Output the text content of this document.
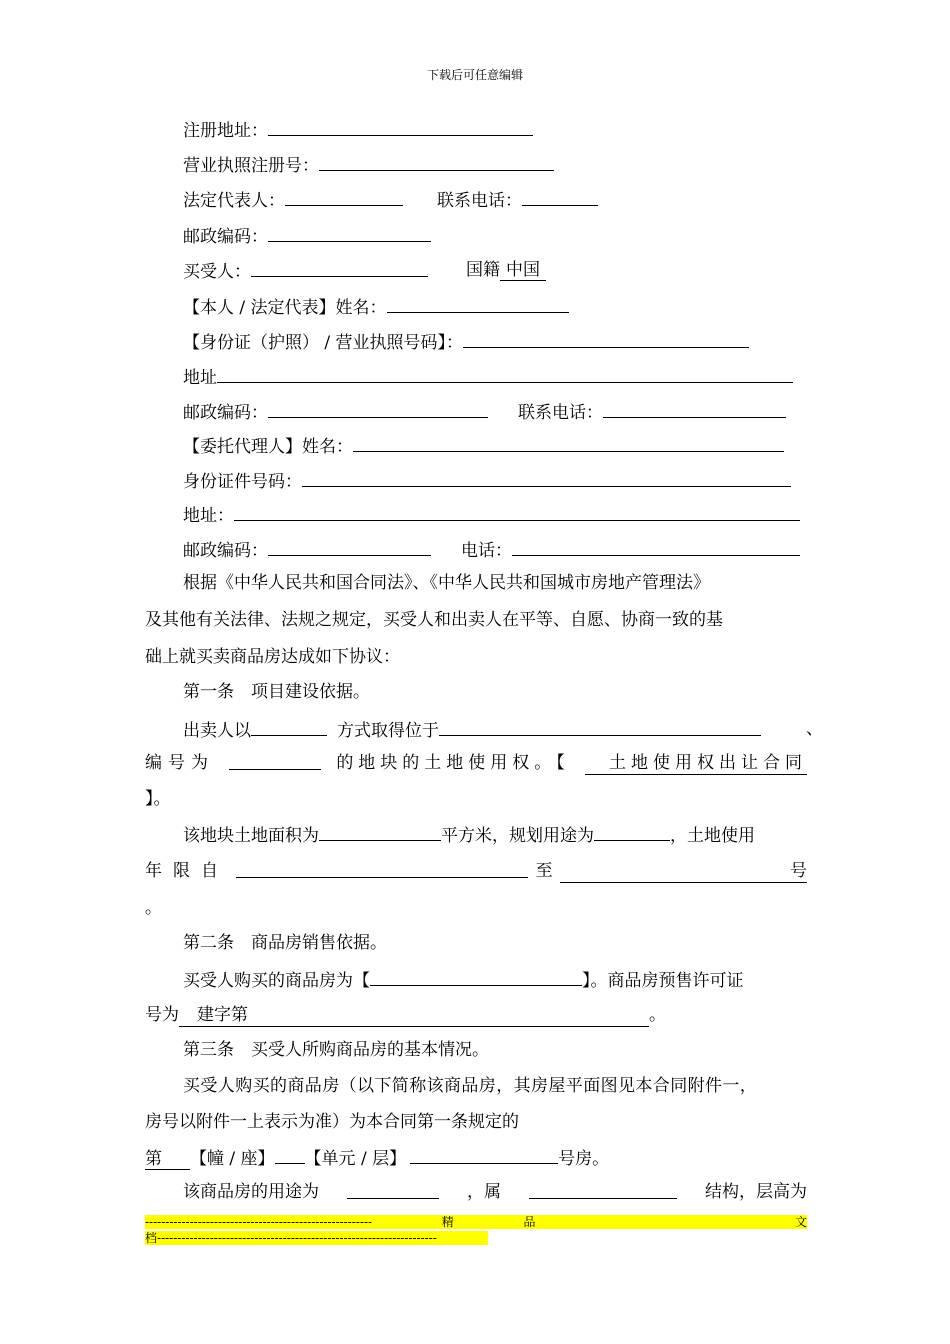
下载后可任意编辑
注册地址：
营业执照注册号：
法定代表人：	联系电话：
邮政编码：
买受人：	国籍 中国
【本人 / 法定代表】姓名：
【身份证（护照） / 营业执照号码】：
地址
邮政编码：	联系电话：
【委托代理人】姓名：
身份证件号码：
地址：
邮政编码：	电话：
根据《中华人民共和国合同法》、《中华人民共和国城市房地产管理法》
及其他有关法律、法规之规定，买受人和出卖人在平等、自愿、协商一致的基
础上就买卖商品房达成如下协议：
第一条　项目建设依据。
出卖人以	方式取得位于	、
编号为	的地块的土地使用权。【	土地使用权出让合同
】。
该地块土地面积为	平方米，规划用途为	，土地使用
年限自	至	号
。
第二条　商品房销售依据。
买受人购买的商品房为【	】。商品房预售许可证
号为 建字第	。
第三条　买受人所购商品房的基本情况。
买受人购买的商品房（以下简称该商品房，其房屋平面图见本合同附件一，
房号以附件一上表示为准）为本合同第一条规定的
第 【幢 / 座】 【单元 / 层】	号房。
该商品房的用途为	，属	结构，层高为
--------------------------------------------------------	精	品	文
档---------------------------------------------------------------------
